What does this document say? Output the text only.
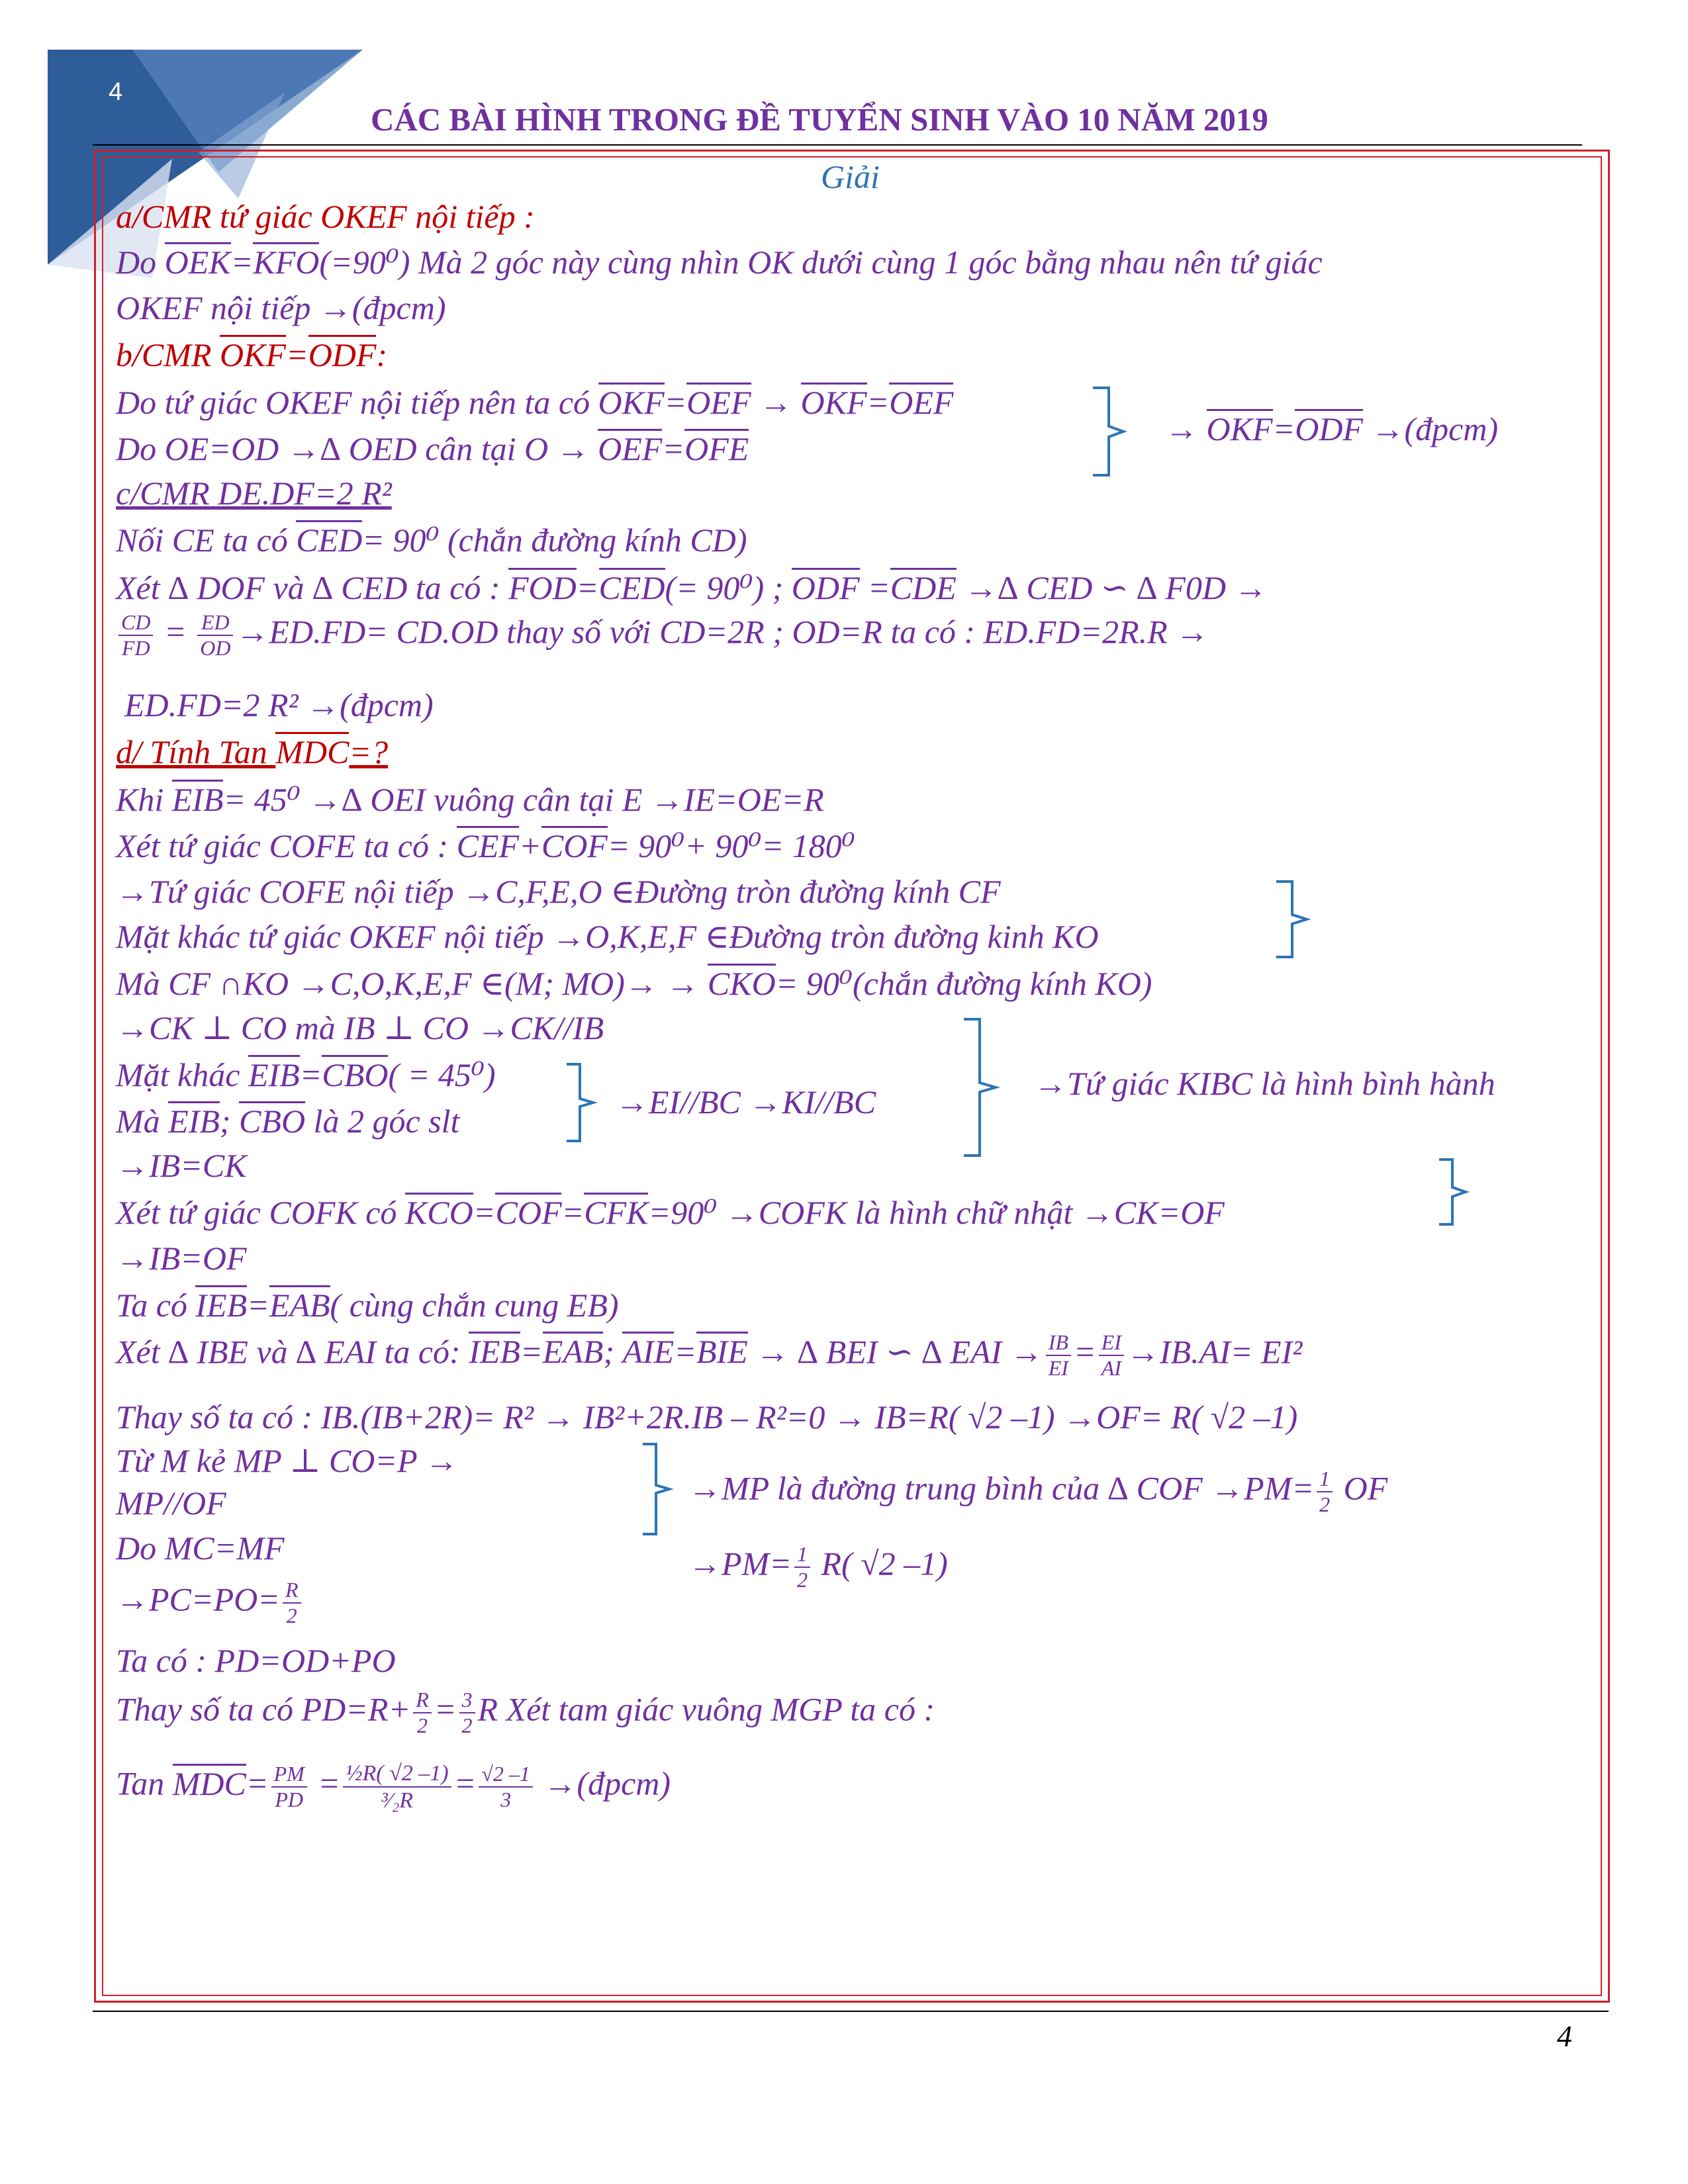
4
CÁC BÀI HÌNH TRONG ĐỀ TUYỂN SINH VÀO 10 NĂM 2019
Giải
a/CMR tứ giác OKEF nội tiếp :
Do OEK=KFO(=90⁰) Mà 2 góc này cùng nhìn OK dưới cùng 1 góc bằng nhau nên tứ giác
OKEF nội tiếp →(đpcm)
b/CMR OKF=ODF:
Do tứ giác OKEF nội tiếp nên ta có OKF=OEF → OKF=OEF
Do OE=OD →∆ OED cân tại O → OEF=OFE
→ OKF=ODF →(đpcm)
c/CMR DE.DF=2 R²
Nối CE ta có CED= 90⁰ (chắn đường kính CD)
Xét ∆ DOF và ∆ CED ta có : FOD=CED(= 90⁰) ; ODF =CDE →∆ CED ∽ ∆ F0D →
$\frac{CD}{FD} = \frac{ED}{OD} \to ED.FD= CD.OD$ thay số với CD=2R ; OD=R ta có : ED.FD=2R.R →
ED.FD=2 R² →(đpcm)
d/ Tính Tan MDC=?
Khi EIB= 45⁰ →∆ OEI vuông cân tại E →IE=OE=R
Xét tứ giác COFE ta có : CEF+COF= 90⁰+ 90⁰= 180⁰
→Tứ giác COFE nội tiếp →C,F,E,O ∈Đường tròn đường kính CF
Mặt khác tứ giác OKEF nội tiếp →O,K,E,F ∈Đường tròn đường kinh KO
Mà CF ∩KO →C,O,K,E,F ∈(M; MO)→ → CKO= 90⁰(chắn đường kính KO)
→CK ⊥ CO mà IB ⊥ CO →CK//IB
Mặt khác EIB=CBO( = 45⁰)
Mà EIB; CBO là 2 góc slt
→EI//BC →KI//BC	→Tứ giác KIBC là hình bình hành
→IB=CK
Xét tứ giác COFK có KCO=COF=CFK=90⁰ →COFK là hình chữ nhật →CK=OF
→IB=OF
Ta có IEB=EAB( cùng chắn cung EB)
Xét ∆ IBE và ∆ EAI ta có: IEB=EAB; AIE=BIE → ∆ BEI ∽ ∆ EAI → $\frac{IB}{EI} = \frac{EI}{AI} \to IB.AI= EI^2$
Thay số ta có : IB.(IB+2R)= R² → IB²+2R.IB – R²=0 → IB=R( √2 –1) →OF= R( √2 –1)
Từ M kẻ MP ⊥ CO=P →
MP//OF	→MP là đường trung bình của ∆ COF $\to PM= \frac{1}{2}$ OF
Do MC=MF	$\to PM= \frac{1}{2} R$( √2 –1)
$\to PC=PO= \frac{R}{2}$
Ta có : PD=OD+PO
Thay số ta có $PD=R+ \frac{R}{2} = \frac{3}{2}$ R Xét tam giác vuông MGP ta có :
Tan $MDC= \frac{PM}{PD} = \frac{\text{½R( √2 –1)}}{\text{³⁄₂R}} = \frac{√2 -1}{3}$ →(đpcm)
4
